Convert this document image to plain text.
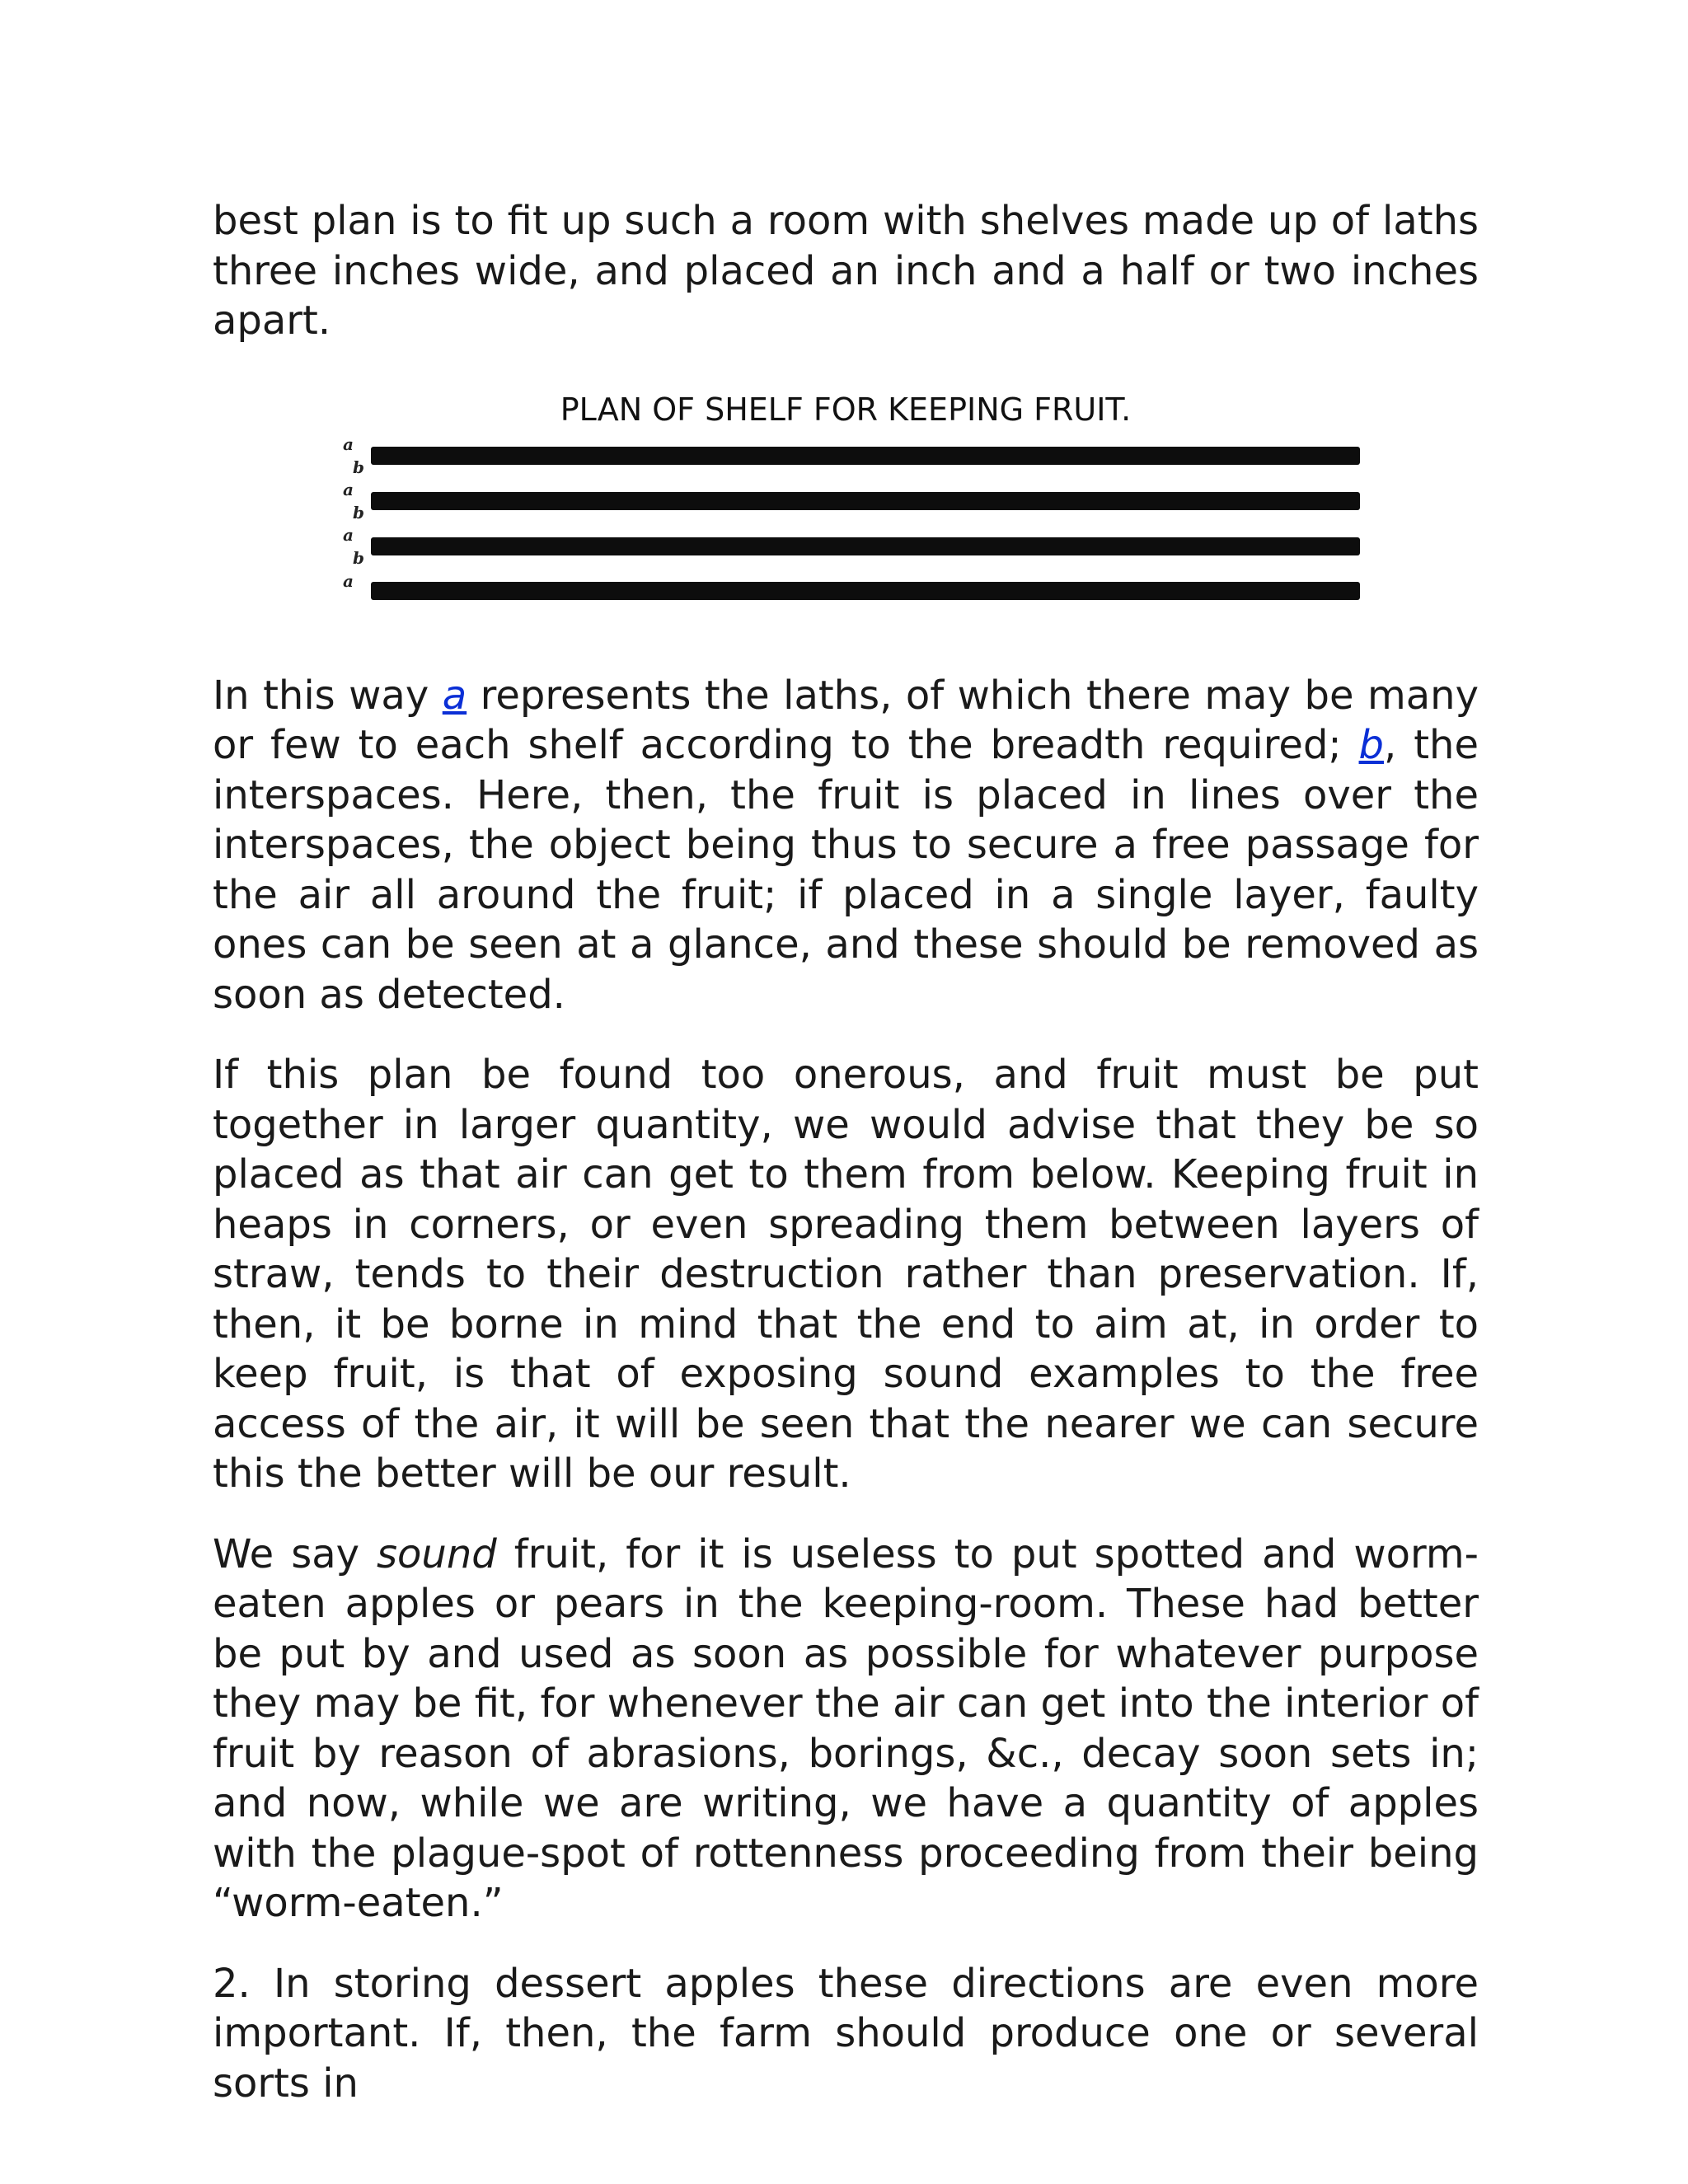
best plan is to fit up such a room with shelves made up of laths three inches wide, and placed an inch and a half or two inches apart.

PLAN OF SHELF FOR KEEPING FRUIT.
a
b
a
b
a
b
a

In this way a represents the laths, of which there may be many or few to each shelf according to the breadth required; b, the interspaces. Here, then, the fruit is placed in lines over the interspaces, the object being thus to secure a free passage for the air all around the fruit; if placed in a single layer, faulty ones can be seen at a glance, and these should be removed as soon as detected.

If this plan be found too onerous, and fruit must be put together in larger quantity, we would advise that they be so placed as that air can get to them from below. Keeping fruit in heaps in corners, or even spreading them between layers of straw, tends to their destruction rather than preservation. If, then, it be borne in mind that the end to aim at, in order to keep fruit, is that of exposing sound examples to the free access of the air, it will be seen that the nearer we can secure this the better will be our result.

We say sound fruit, for it is useless to put spotted and worm-eaten apples or pears in the keeping-room. These had better be put by and used as soon as possible for whatever purpose they may be fit, for whenever the air can get into the interior of fruit by reason of abrasions, borings, &c., decay soon sets in; and now, while we are writing, we have a quantity of apples with the plague-spot of rottenness proceeding from their being “worm-eaten.”

2. In storing dessert apples these directions are even more important. If, then, the farm should produce one or several sorts in
